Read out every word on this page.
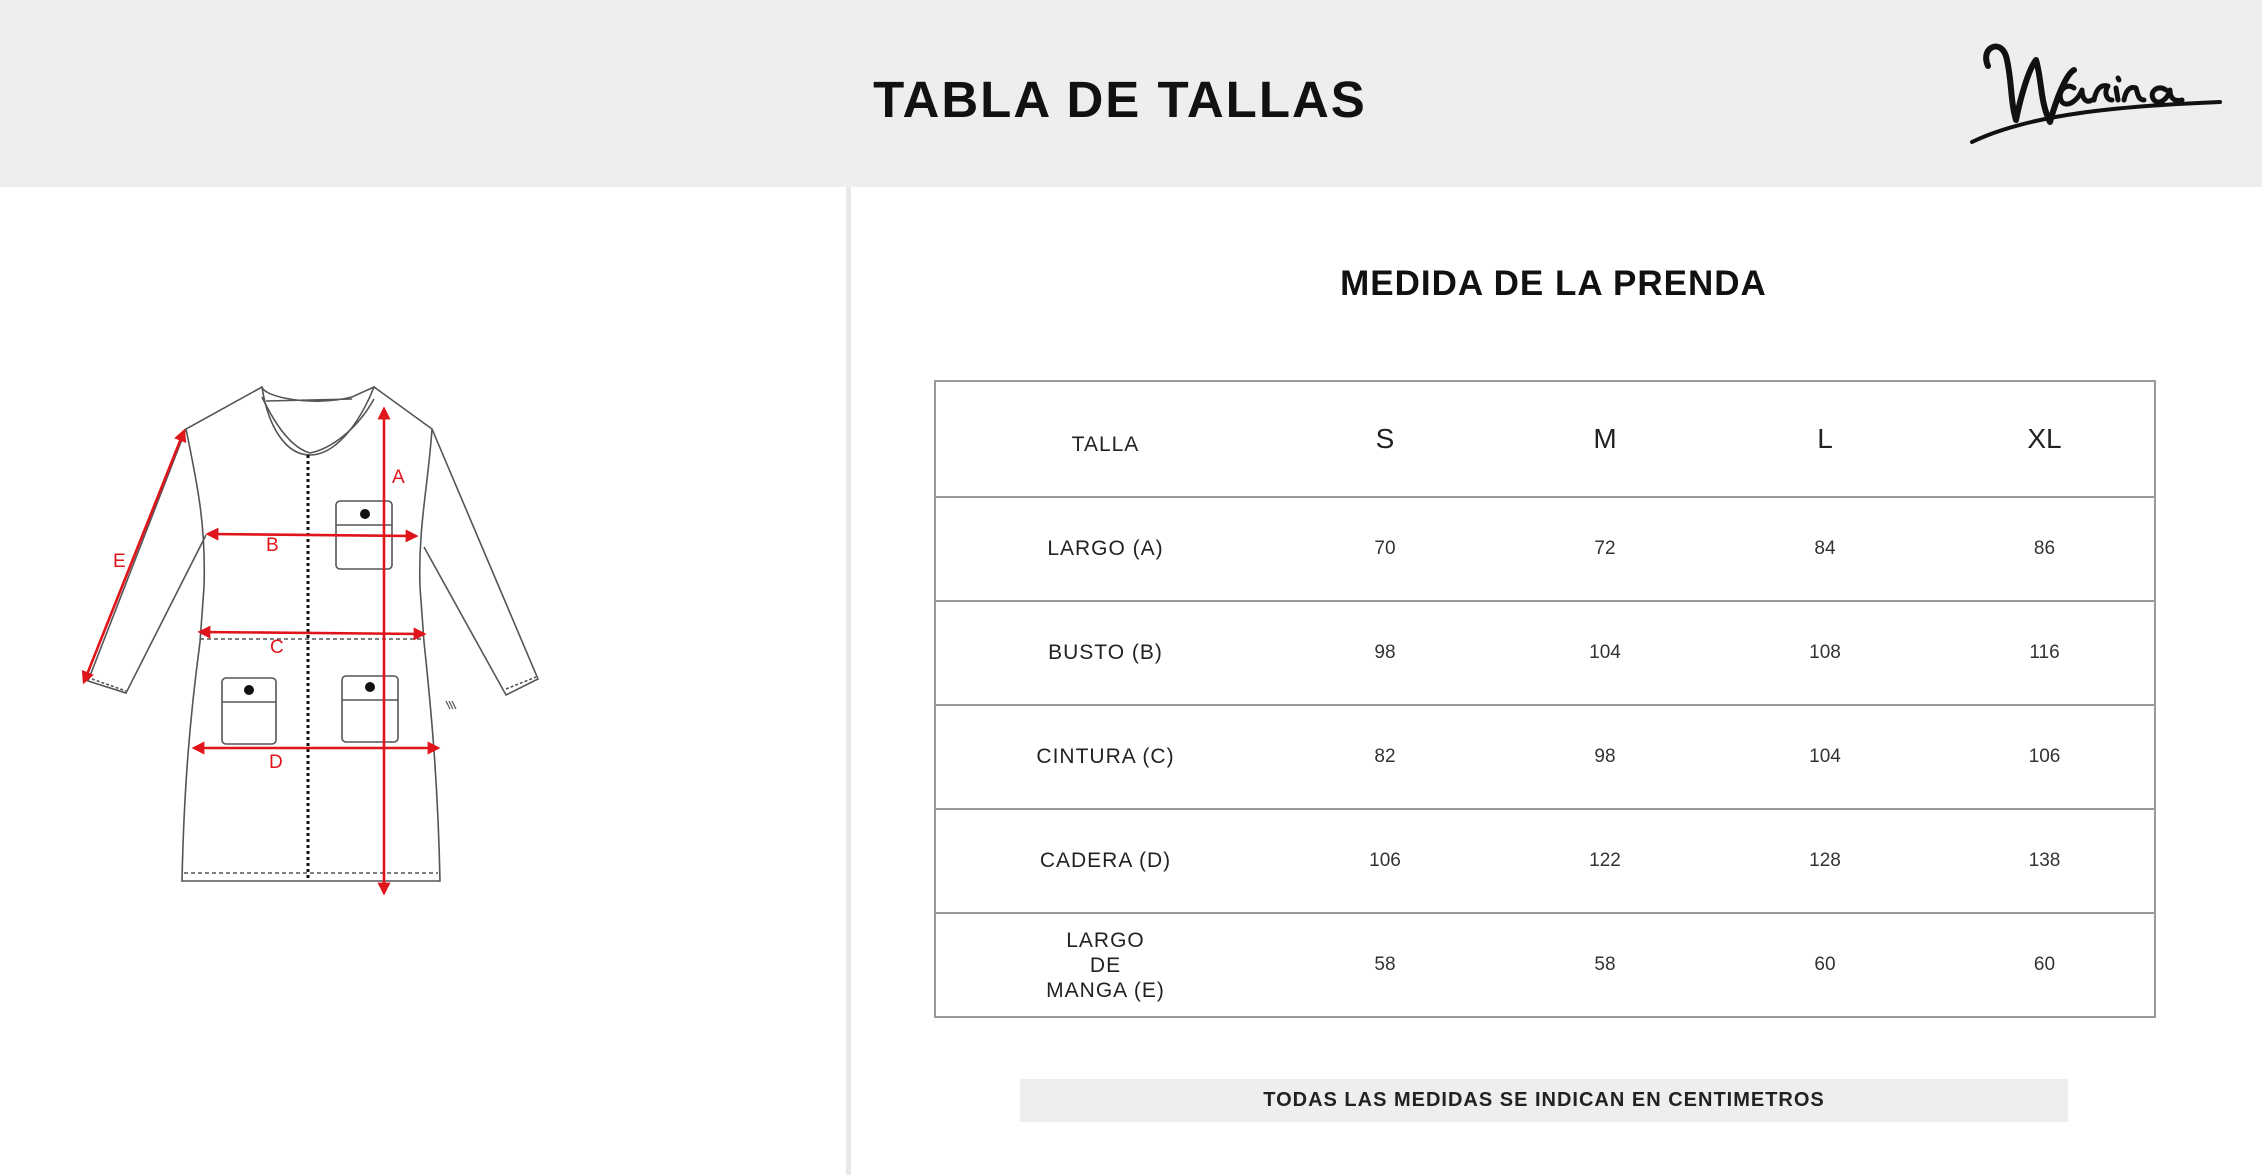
TABLA DE TALLAS
A
B
C
D
E
MEDIDA DE LA PRENDA
TALLA	S	M	L	XL
LARGO (A)	70	72	84	86
BUSTO (B)	98	104	108	116
CINTURA (C)	82	98	104	106
CADERA (D)	106	122	128	138
LARGO
DE
MANGA (E)	58	58	60	60
TODAS LAS MEDIDAS SE INDICAN EN CENTIMETROS
